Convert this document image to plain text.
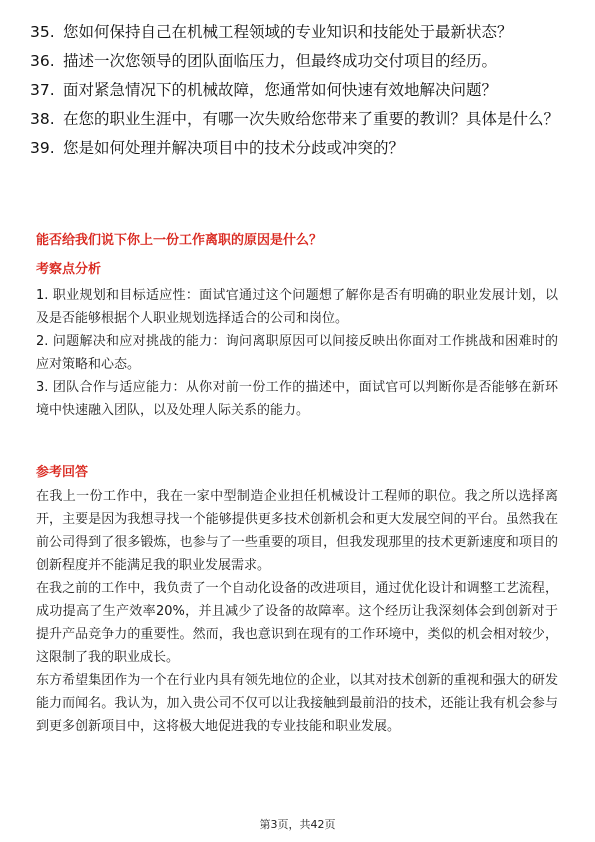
35. 您如何保持自己在机械工程领域的专业知识和技能处于最新状态？
36. 描述一次您领导的团队面临压力，但最终成功交付项目的经历。
37. 面对紧急情况下的机械故障，您通常如何快速有效地解决问题？
38. 在您的职业生涯中，有哪一次失败给您带来了重要的教训？具体是什么？
39. 您是如何处理并解决项目中的技术分歧或冲突的？
能否给我们说下你上一份工作离职的原因是什么？
考察点分析

1. 职业规划和目标适应性：面试官通过这个问题想了解你是否有明确的职业发展计划，以及是否能够根据个人职业规划选择适合的公司和岗位。

2. 问题解决和应对挑战的能力：询问离职原因可以间接反映出你面对工作挑战和困难时的应对策略和心态。

3. 团队合作与适应能力：从你对前一份工作的描述中，面试官可以判断你是否能够在新环境中快速融入团队，以及处理人际关系的能力。

参考回答

在我上一份工作中，我在一家中型制造企业担任机械设计工程师的职位。我之所以选择离开，主要是因为我想寻找一个能够提供更多技术创新机会和更大发展空间的平台。虽然我在前公司得到了很多锻炼，也参与了一些重要的项目，但我发现那里的技术更新速度和项目的创新程度并不能满足我的职业发展需求。

在我之前的工作中，我负责了一个自动化设备的改进项目，通过优化设计和调整工艺流程，成功提高了生产效率20%，并且减少了设备的故障率。这个经历让我深刻体会到创新对于提升产品竞争力的重要性。然而，我也意识到在现有的工作环境中，类似的机会相对较少，这限制了我的职业成长。

东方希望集团作为一个在行业内具有领先地位的企业，以其对技术创新的重视和强大的研发能力而闻名。我认为，加入贵公司不仅可以让我接触到最前沿的技术，还能让我有机会参与到更多创新项目中，这将极大地促进我的专业技能和职业发展。

第3页，共42页
